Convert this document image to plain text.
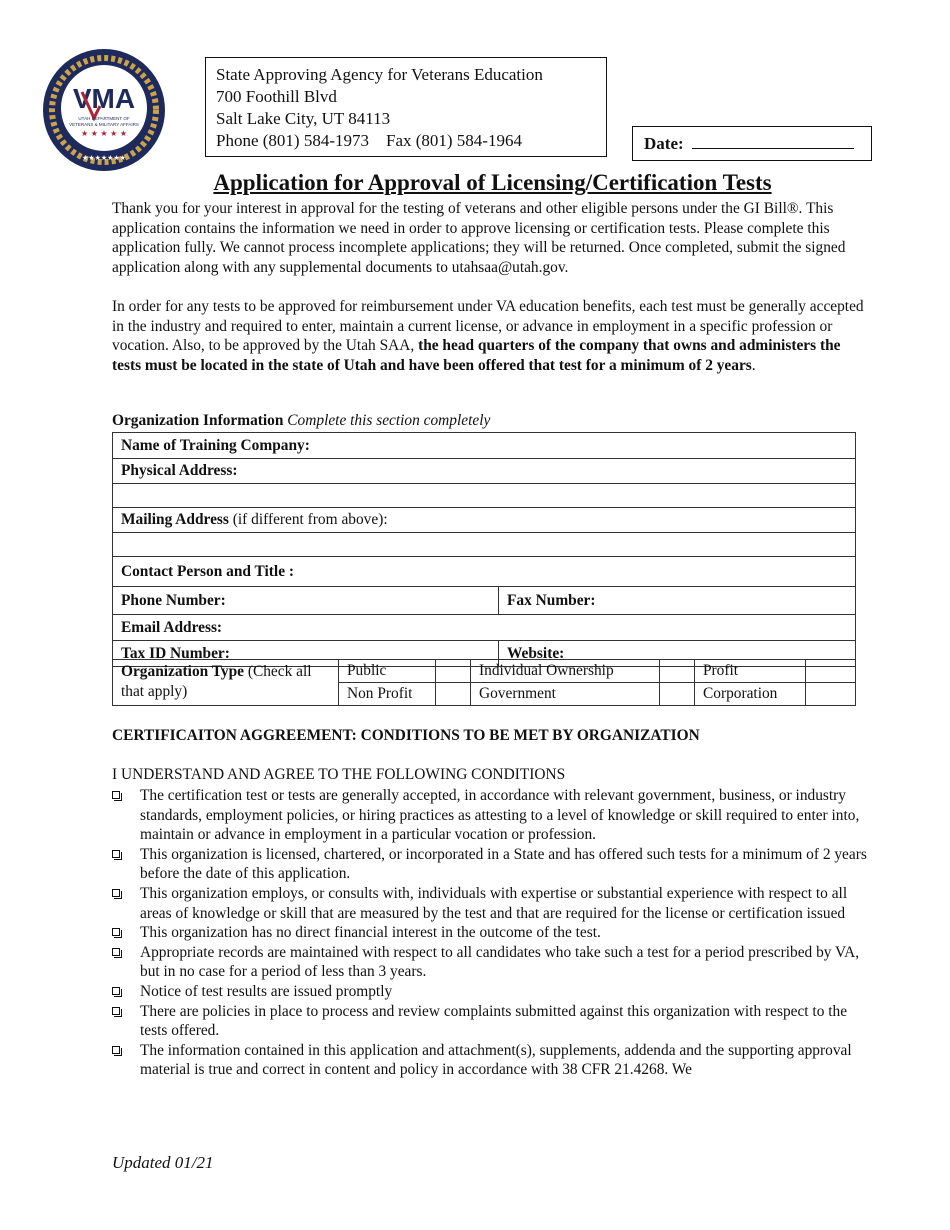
VMA
UTAH DEPARTMENT OF
VETERANS & MILITARY AFFAIRS
★ ★ ★ ★ ★
★★★★★★★
State Approving Agency for Veterans Education
700 Foothill Blvd
Salt Lake City, UT 84113
Phone (801) 584-1973    Fax (801) 584-1964	Date:
Application for Approval of Licensing/Certification Tests
Thank you for your interest in approval for the testing of veterans and other eligible persons under the GI Bill®. This application contains the information we need in order to approve licensing or certification tests. Please complete this application fully. We cannot process incomplete applications; they will be returned. Once completed, submit the signed application along with any supplemental documents to utahsaa@utah.gov.
In order for any tests to be approved for reimbursement under VA education benefits, each test must be generally accepted in the industry and required to enter, maintain a current license, or advance in employment in a specific profession or vocation. Also, to be approved by the Utah SAA, the head quarters of the company that owns and administers the tests must be located in the state of Utah and have been offered that test for a minimum of 2 years.
Organization Information Complete this section completely
Name of Training Company:	
Physical Address:	

Mailing Address (if different from above):	

Contact Person and Title :	
Phone Number:	Fax Number:
Email Address:	
Tax ID Number:	Website:
Organization Type (Check all that apply)	Public		Individual Ownership		Profit	
	Non Profit		Government		Corporation	
CERTIFICAITON AGGREEMENT: CONDITIONS TO BE MET BY ORGANIZATION
I UNDERSTAND AND AGREE TO THE FOLLOWING CONDITIONS
The certification test or tests are generally accepted, in accordance with relevant government, business, or industry standards, employment policies, or hiring practices as attesting to a level of knowledge or skill required to enter into, maintain or advance in employment in a particular vocation or profession.
This organization is licensed, chartered, or incorporated in a State and has offered such tests for a minimum of 2 years before the date of this application.
This organization employs, or consults with, individuals with expertise or substantial experience with respect to all areas of knowledge or skill that are measured by the test and that are required for the license or certification issued
This organization has no direct financial interest in the outcome of the test.
Appropriate records are maintained with respect to all candidates who take such a test for a period prescribed by VA, but in no case for a period of less than 3 years.
Notice of test results are issued promptly
There are policies in place to process and review complaints submitted against this organization with respect to the tests offered.
The information contained in this application and attachment(s), supplements, addenda and the supporting approval material is true and correct in content and policy in accordance with 38 CFR 21.4268. We
Updated 01/21
